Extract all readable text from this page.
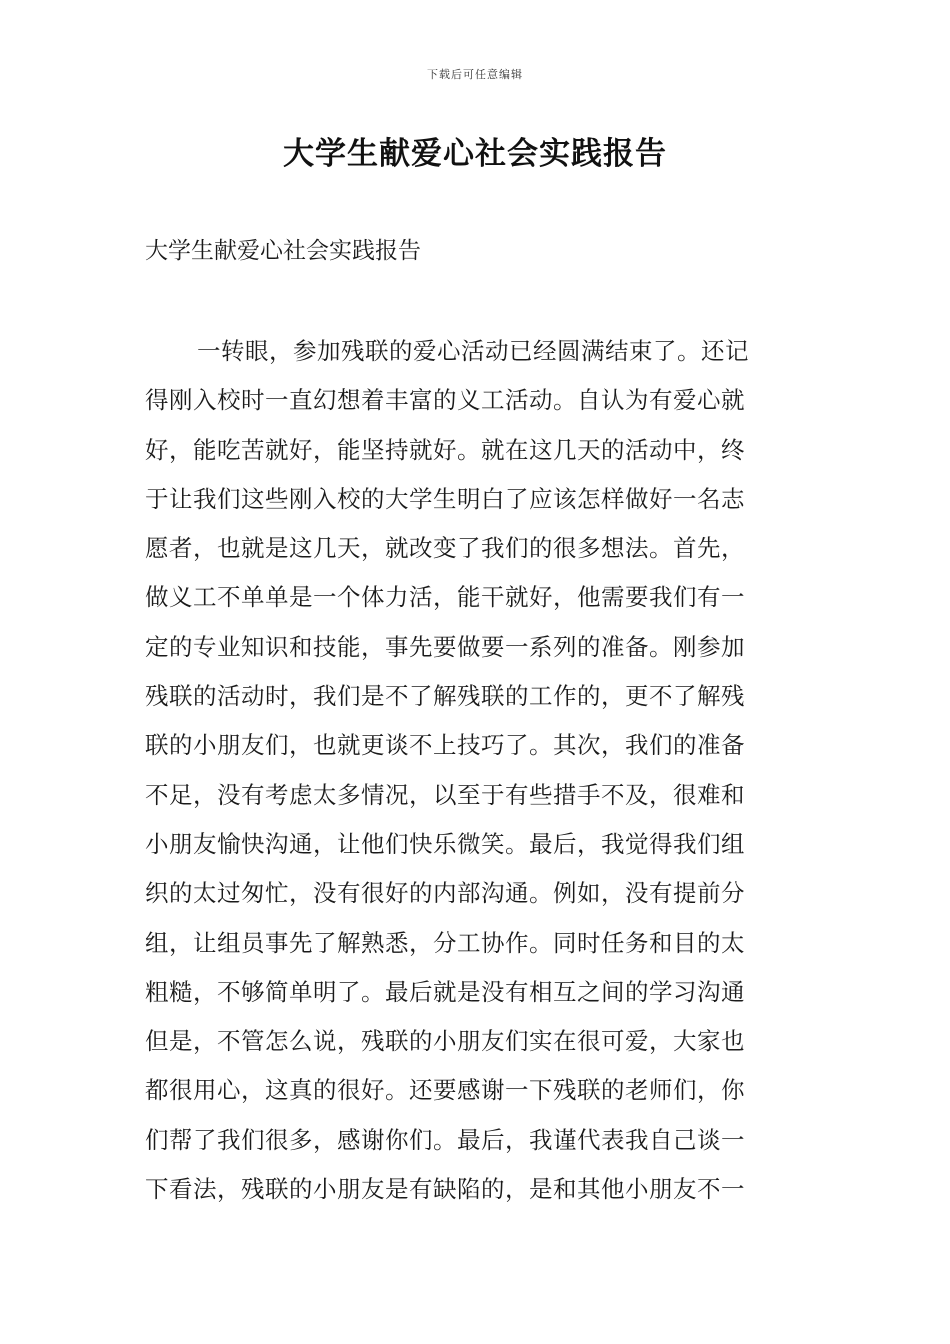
下载后可任意编辑
大学生献爱心社会实践报告

大学生献爱心社会实践报告

一转眼，参加残联的爱心活动已经圆满结束了。还记
得刚入校时一直幻想着丰富的义工活动。自认为有爱心就
好，能吃苦就好，能坚持就好。就在这几天的活动中，终
于让我们这些刚入校的大学生明白了应该怎样做好一名志
愿者，也就是这几天，就改变了我们的很多想法。首先，
做义工不单单是一个体力活，能干就好，他需要我们有一
定的专业知识和技能，事先要做要一系列的准备。刚参加
残联的活动时，我们是不了解残联的工作的，更不了解残
联的小朋友们，也就更谈不上技巧了。其次，我们的准备
不足，没有考虑太多情况，以至于有些措手不及，很难和
小朋友愉快沟通，让他们快乐微笑。最后，我觉得我们组
织的太过匆忙，没有很好的内部沟通。例如，没有提前分
组，让组员事先了解熟悉，分工协作。同时任务和目的太
粗糙，不够简单明了。最后就是没有相互之间的学习沟通
但是，不管怎么说，残联的小朋友们实在很可爱，大家也
都很用心，这真的很好。还要感谢一下残联的老师们，你
们帮了我们很多，感谢你们。最后，我谨代表我自己谈一
下看法，残联的小朋友是有缺陷的，是和其他小朋友不一
